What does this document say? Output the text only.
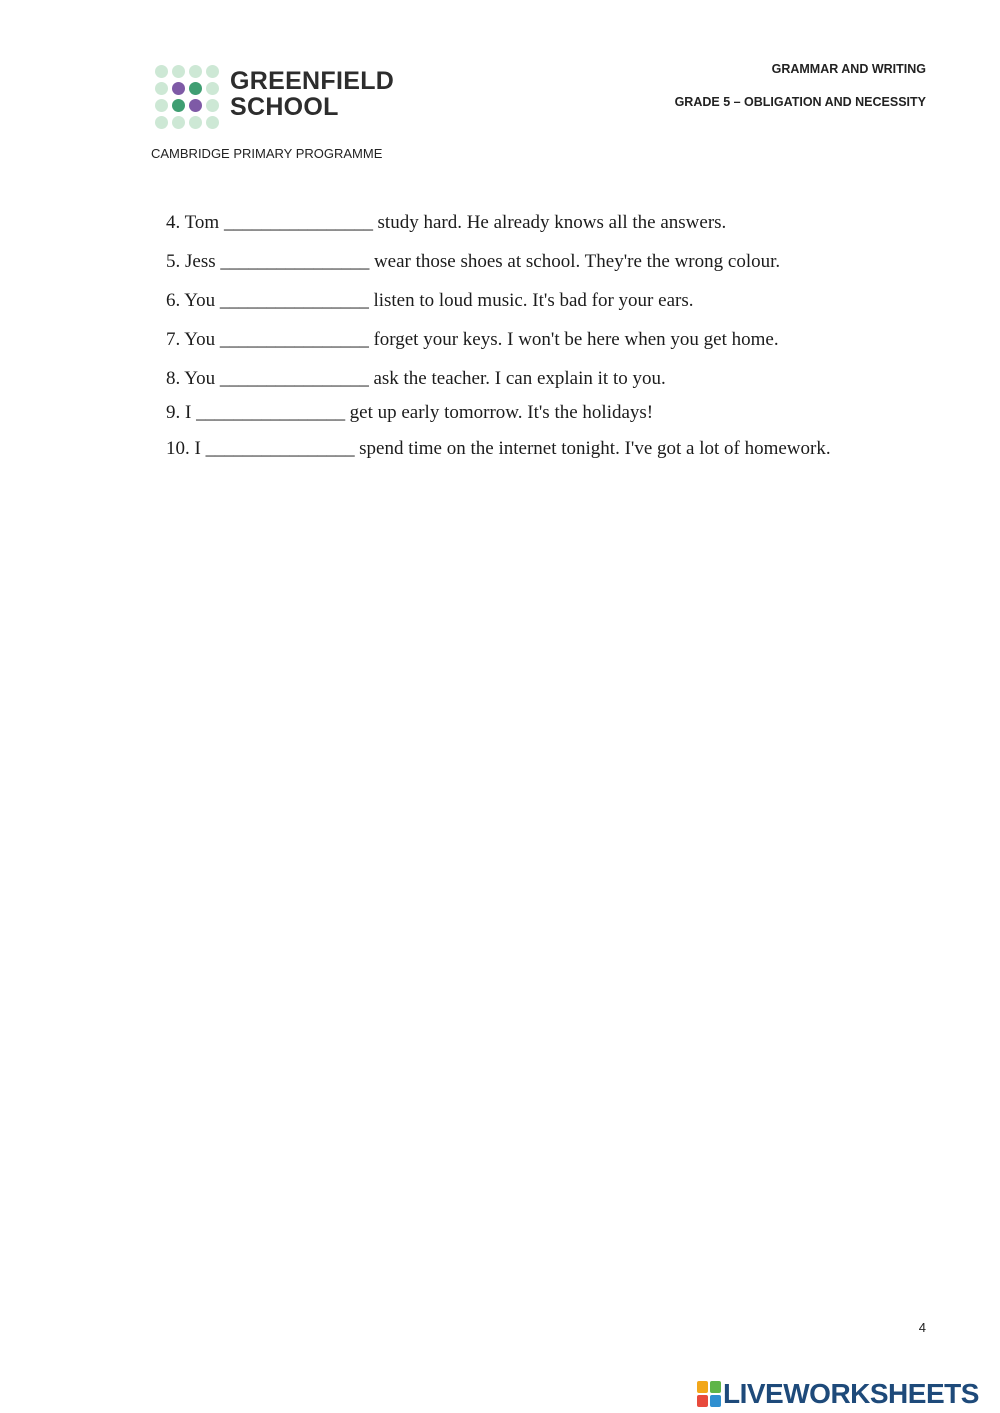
GREENFIELD
SCHOOL
CAMBRIDGE PRIMARY PROGRAMME
GRAMMAR AND WRITING
GRADE 5 – OBLIGATION AND NECESSITY
4. Tom ________________ study hard. He already knows all the answers.
5. Jess ________________ wear those shoes at school. They're the wrong colour.
6. You ________________ listen to loud music. It's bad for your ears.
7. You ________________ forget your keys. I won't be here when you get home.
8. You ________________ ask the teacher. I can explain it to you.
9. I ________________ get up early tomorrow. It's the holidays!
10. I ________________ spend time on the internet tonight. I've got a lot of homework.
4
LIVEWORKSHEETS
